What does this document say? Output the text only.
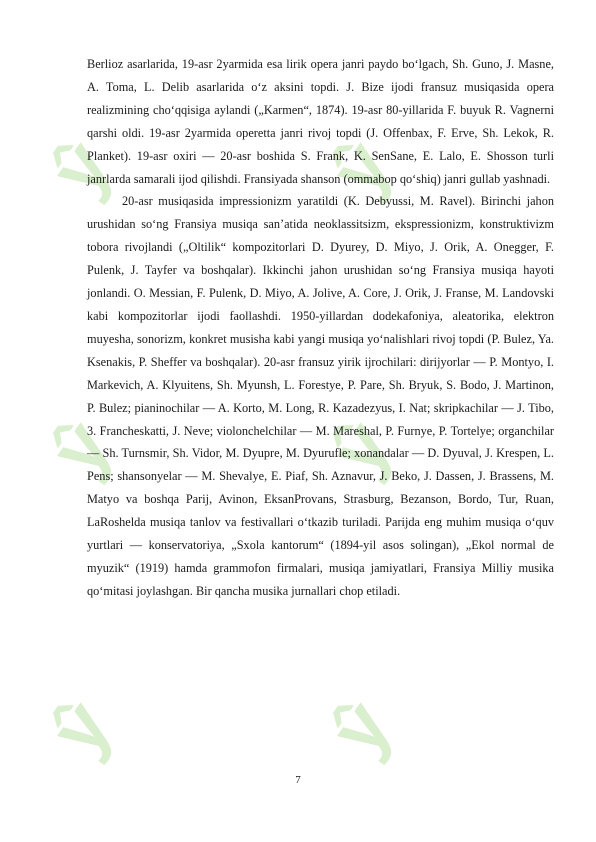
ŷ ŷ
ŷ ŷ
ŷ ŷ

Berlioz asarlarida, 19-asr 2yarmida esa lirik opera janri paydo bo‘lgach, Sh. Guno, J. Masne, A. Toma, L. Delib asarlarida o‘z aksini topdi. J. Bize ijodi fransuz musiqasida opera realizmining cho‘qqisiga aylandi („Karmen“, 1874). 19-asr 80-yillarida F. buyuk R. Vagnerni qarshi oldi. 19-asr 2yarmida operetta janri rivoj topdi (J. Offenbax, F. Erve, Sh. Lekok, R. Planket). 19-asr oxiri — 20-asr boshida S. Frank, K. SenSane, E. Lalo, E. Shosson turli janrlarda samarali ijod qilishdi. Fransiyada shanson (ommabop qo‘shiq) janri gullab yashnadi.

20-asr musiqasida impressionizm yaratildi (K. Debyussi, M. Ravel). Birinchi jahon urushidan so‘ng Fransiya musiqa san’atida neoklassitsizm, ekspressionizm, konstruktivizm tobora rivojlandi („Oltilik“ kompozitorlari D. Dyurey, D. Miyo, J. Orik, A. Onegger, F. Pulenk, J. Tayfer va boshqalar). Ikkinchi jahon urushidan so‘ng Fransiya musiqa hayoti jonlandi. O. Messian, F. Pulenk, D. Miyo, A. Jolive, A. Core, J. Orik, J. Franse, M. Landovski kabi kompozitorlar ijodi faollashdi. 1950-yillardan dodekafoniya, aleatorika, elektron muyesha, sonorizm, konkret musisha kabi yangi musiqa yo‘nalishlari rivoj topdi (P. Bulez, Ya. Ksenakis, P. Sheffer va boshqalar). 20-asr fransuz yirik ijrochilari: dirijyorlar — P. Montyo, I. Markevich, A. Klyuitens, Sh. Myunsh, L. Forestye, P. Pare, Sh. Bryuk, S. Bodo, J. Martinon, P. Bulez; pianinochilar — A. Korto, M. Long, R. Kazadezyus, I. Nat; skripkachilar — J. Tibo, 3. Francheskatti, J. Neve; violonchelchilar — M. Mareshal, P. Furnye, P. Tortelye; organchilar — Sh. Turnsmir, Sh. Vidor, M. Dyupre, M. Dyurufle; xonandalar — D. Dyuval, J. Krespen, L. Pens; shansonyelar — M. Shevalye, E. Piaf, Sh. Aznavur, J. Beko, J. Dassen, J. Brassens, M. Matyo va boshqa Parij, Avinon, EksanProvans, Strasburg, Bezanson, Bordo, Tur, Ruan, LaRoshelda musiqa tanlov va festivallari o‘tkazib turiladi. Parijda eng muhim musiqa o‘quv yurtlari — konservatoriya, „Sxola kantorum“ (1894-yil asos solingan), „Ekol normal de myuzik“ (1919) hamda grammofon firmalari, musiqa jamiyatlari, Fransiya Milliy musika qo‘mitasi joylashgan. Bir qancha musika jurnallari chop etiladi.

7
